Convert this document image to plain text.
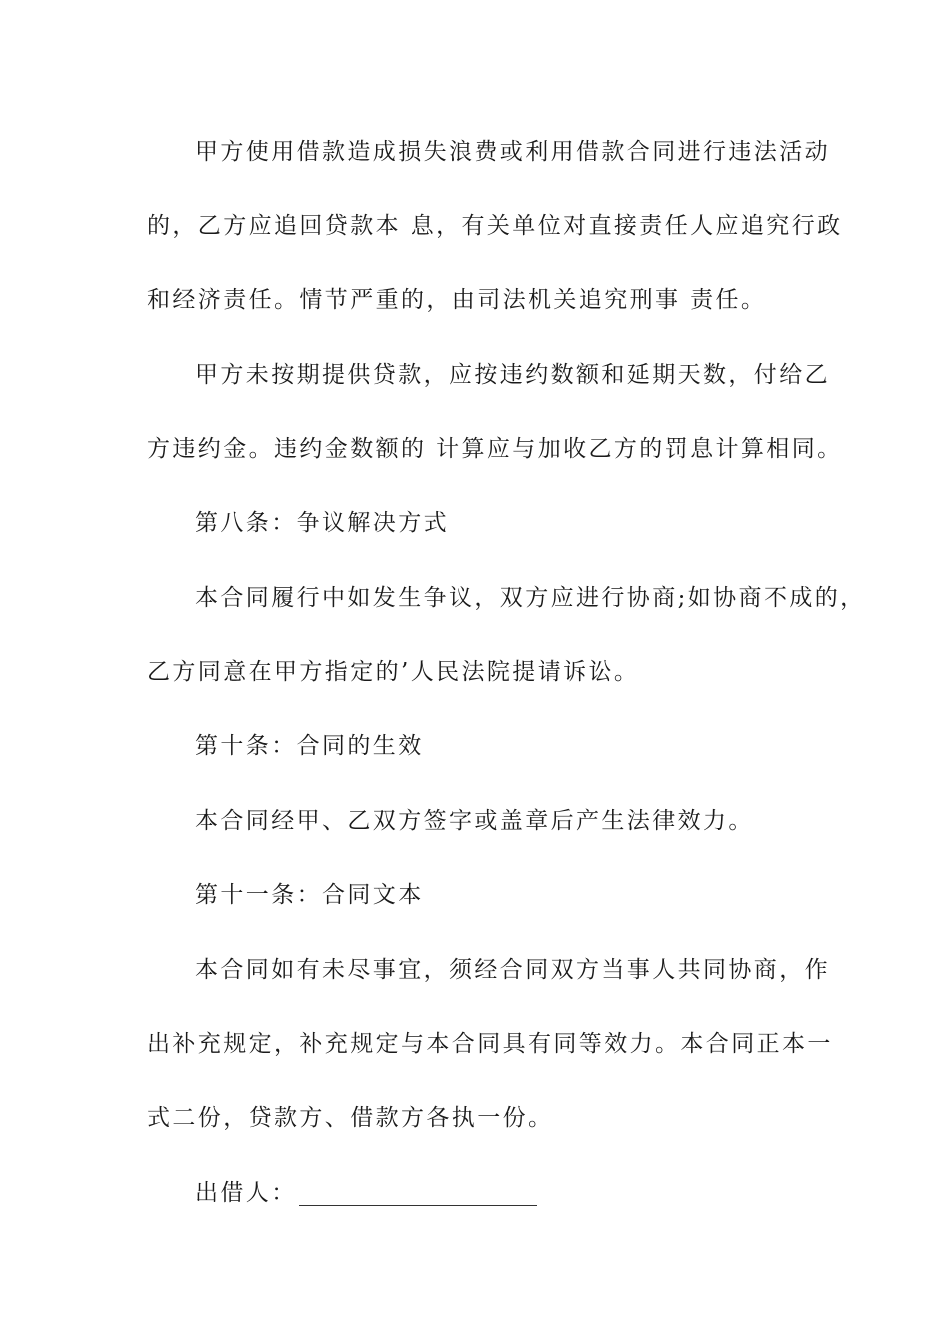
甲方使用借款造成损失浪费或利用借款合同进行违法活动
的，乙方应追回贷款本 息，有关单位对直接责任人应追究行政
和经济责任。情节严重的，由司法机关追究刑事 责任。
甲方未按期提供贷款，应按违约数额和延期天数，付给乙
方违约金。违约金数额的 计算应与加收乙方的罚息计算相同。
第八条：争议解决方式
本合同履行中如发生争议，双方应进行协商;如协商不成的，
乙方同意在甲方指定的’人民法院提请诉讼。
第十条：合同的生效
本合同经甲、乙双方签字或盖章后产生法律效力。
第十一条：合同文本
本合同如有未尽事宜，须经合同双方当事人共同协商，作
出补充规定，补充规定与本合同具有同等效力。本合同正本一
式二份，贷款方、借款方各执一份。
出借人：
